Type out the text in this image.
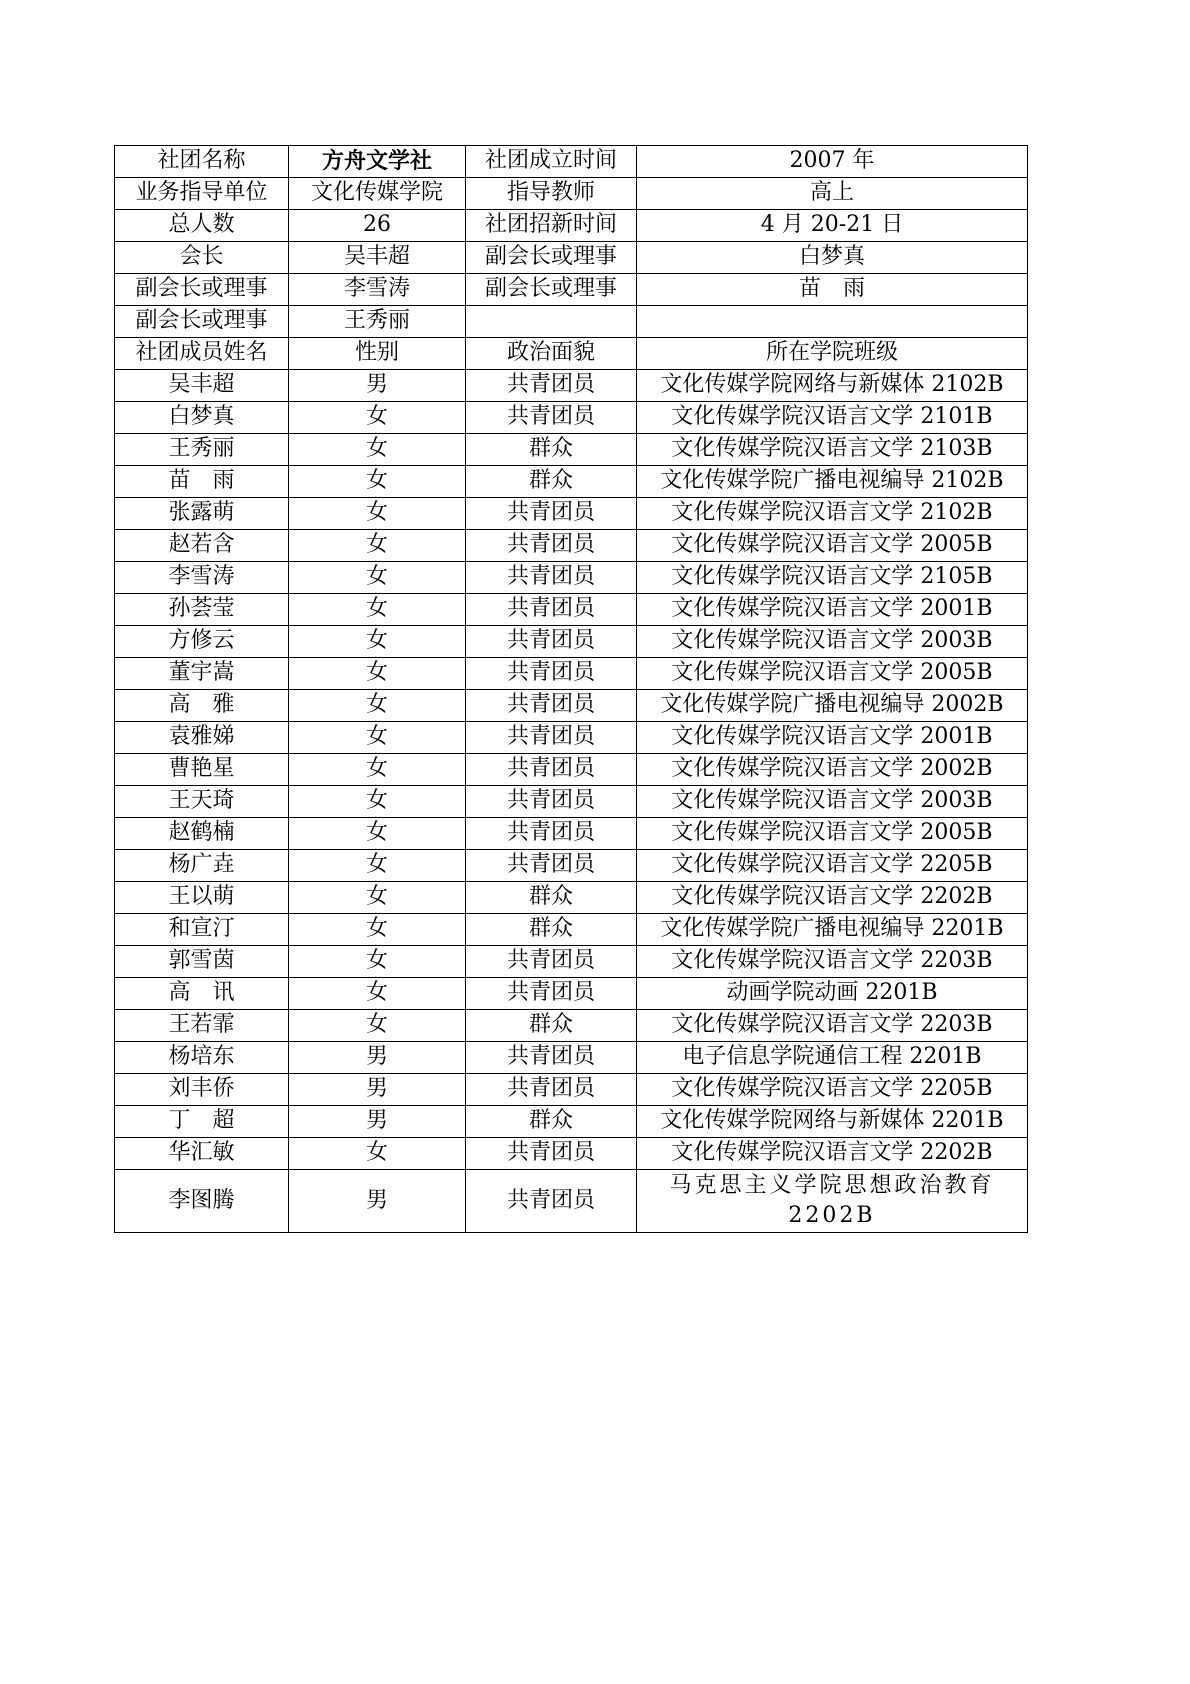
社团名称	方舟文学社	社团成立时间	2007 年
业务指导单位	文化传媒学院	指导教师	高上
总人数	26	社团招新时间	4 月 20-21 日
会长	吴丰超	副会长或理事	白梦真
副会长或理事	李雪涛	副会长或理事	苗　雨
副会长或理事	王秀丽		
社团成员姓名	性别	政治面貌	所在学院班级
吴丰超	男	共青团员	文化传媒学院网络与新媒体 2102B
白梦真	女	共青团员	文化传媒学院汉语言文学 2101B
王秀丽	女	群众	文化传媒学院汉语言文学 2103B
苗　雨	女	群众	文化传媒学院广播电视编导 2102B
张露萌	女	共青团员	文化传媒学院汉语言文学 2102B
赵若含	女	共青团员	文化传媒学院汉语言文学 2005B
李雪涛	女	共青团员	文化传媒学院汉语言文学 2105B
孙荟莹	女	共青团员	文化传媒学院汉语言文学 2001B
方修云	女	共青团员	文化传媒学院汉语言文学 2003B
董宇嵩	女	共青团员	文化传媒学院汉语言文学 2005B
高　雅	女	共青团员	文化传媒学院广播电视编导 2002B
袁雅娣	女	共青团员	文化传媒学院汉语言文学 2001B
曹艳星	女	共青团员	文化传媒学院汉语言文学 2002B
王天琦	女	共青团员	文化传媒学院汉语言文学 2003B
赵鹤楠	女	共青团员	文化传媒学院汉语言文学 2005B
杨广垚	女	共青团员	文化传媒学院汉语言文学 2205B
王以萌	女	群众	文化传媒学院汉语言文学 2202B
和宣汀	女	群众	文化传媒学院广播电视编导 2201B
郭雪茵	女	共青团员	文化传媒学院汉语言文学 2203B
高　讯	女	共青团员	动画学院动画 2201B
王若霏	女	群众	文化传媒学院汉语言文学 2203B
杨培东	男	共青团员	电子信息学院通信工程 2201B
刘丰侨	男	共青团员	文化传媒学院汉语言文学 2205B
丁　超	男	群众	文化传媒学院网络与新媒体 2201B
华汇敏	女	共青团员	文化传媒学院汉语言文学 2202B
李图腾	男	共青团员	马克思主义学院思想政治教育 2202B
